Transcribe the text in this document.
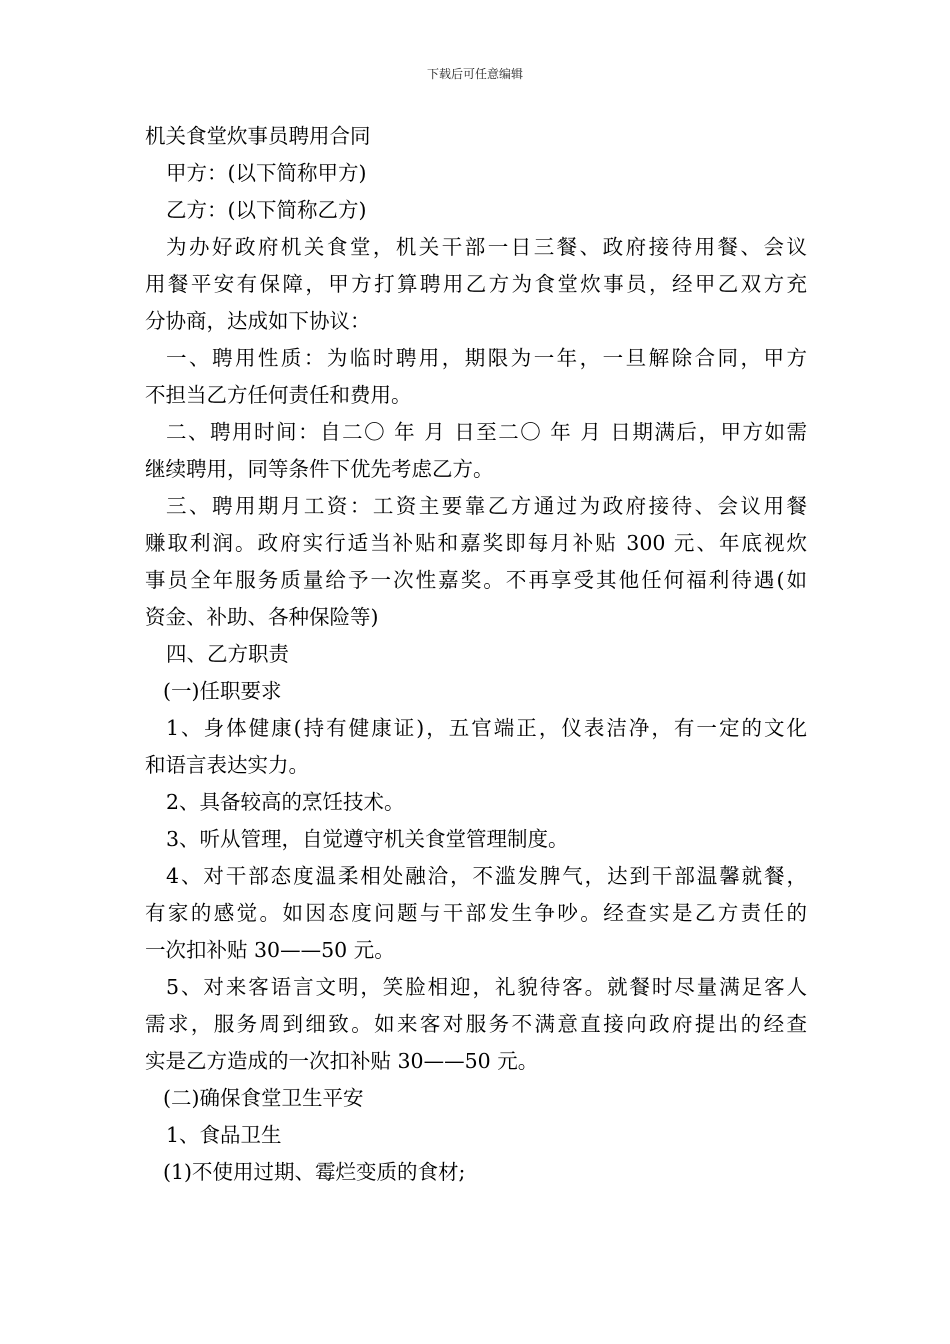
下载后可任意编辑
机关食堂炊事员聘用合同
甲方：(以下简称甲方)
乙方：(以下简称乙方)
为办好政府机关食堂，机关干部一日三餐、政府接待用餐、会议
用餐平安有保障，甲方打算聘用乙方为食堂炊事员，经甲乙双方充
分协商，达成如下协议：
一、聘用性质：为临时聘用，期限为一年，一旦解除合同，甲方
不担当乙方任何责任和费用。
二、聘用时间：自二〇 年 月 日至二〇 年 月 日期满后，甲方如需
继续聘用，同等条件下优先考虑乙方。
三、聘用期月工资：工资主要靠乙方通过为政府接待、会议用餐
赚取利润。政府实行适当补贴和嘉奖即每月补贴 300 元、年底视炊
事员全年服务质量给予一次性嘉奖。不再享受其他任何福利待遇(如
资金、补助、各种保险等)
四、乙方职责
(一)任职要求
1、身体健康(持有健康证)，五官端正，仪表洁净，有一定的文化
和语言表达实力。
2、具备较高的烹饪技术。
3、听从管理，自觉遵守机关食堂管理制度。
4、对干部态度温柔相处融洽，不滥发脾气，达到干部温馨就餐，
有家的感觉。如因态度问题与干部发生争吵。经查实是乙方责任的
一次扣补贴 30——50 元。
5、对来客语言文明，笑脸相迎，礼貌待客。就餐时尽量满足客人
需求，服务周到细致。如来客对服务不满意直接向政府提出的经查
实是乙方造成的一次扣补贴 30——50 元。
(二)确保食堂卫生平安
1、食品卫生
(1)不使用过期、霉烂变质的食材;
